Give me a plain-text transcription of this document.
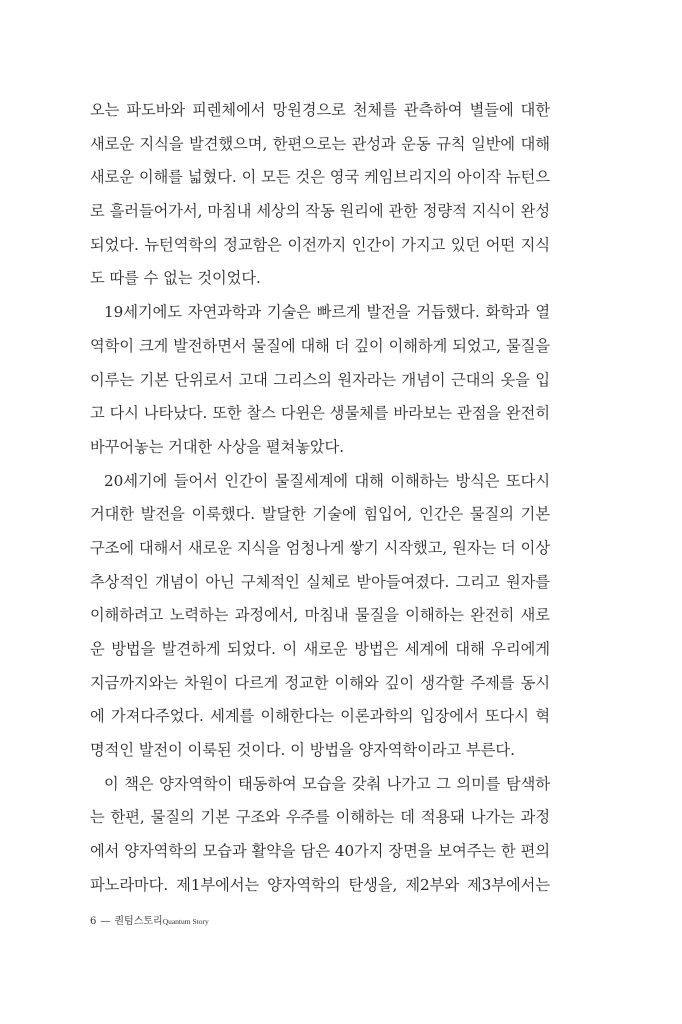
오는 파도바와 피렌체에서 망원경으로 천체를 관측하여 별들에 대한
새로운 지식을 발견했으며, 한편으로는 관성과 운동 규칙 일반에 대해
새로운 이해를 넓혔다. 이 모든 것은 영국 케임브리지의 아이작 뉴턴으
로 흘러들어가서, 마침내 세상의 작동 원리에 관한 정량적 지식이 완성
되었다. 뉴턴역학의 정교함은 이전까지 인간이 가지고 있던 어떤 지식
도 따를 수 없는 것이었다.
19세기에도 자연과학과 기술은 빠르게 발전을 거듭했다. 화학과 열
역학이 크게 발전하면서 물질에 대해 더 깊이 이해하게 되었고, 물질을
이루는 기본 단위로서 고대 그리스의 원자라는 개념이 근대의 옷을 입
고 다시 나타났다. 또한 찰스 다윈은 생물체를 바라보는 관점을 완전히
바꾸어놓는 거대한 사상을 펼쳐놓았다.
20세기에 들어서 인간이 물질세계에 대해 이해하는 방식은 또다시
거대한 발전을 이룩했다. 발달한 기술에 힘입어, 인간은 물질의 기본
구조에 대해서 새로운 지식을 엄청나게 쌓기 시작했고, 원자는 더 이상
추상적인 개념이 아닌 구체적인 실체로 받아들여졌다. 그리고 원자를
이해하려고 노력하는 과정에서, 마침내 물질을 이해하는 완전히 새로
운 방법을 발견하게 되었다. 이 새로운 방법은 세계에 대해 우리에게
지금까지와는 차원이 다르게 정교한 이해와 깊이 생각할 주제를 동시
에 가져다주었다. 세계를 이해한다는 이론과학의 입장에서 또다시 혁
명적인 발전이 이룩된 것이다. 이 방법을 양자역학이라고 부른다.
이 책은 양자역학이 태동하여 모습을 갖춰 나가고 그 의미를 탐색하
는 한편, 물질의 기본 구조와 우주를 이해하는 데 적용돼 나가는 과정
에서 양자역학의 모습과 활약을 담은 40가지 장면을 보여주는 한 편의
파노라마다. 제1부에서는 양자역학의 탄생을, 제2부와 제3부에서는
6 — 퀀텀스토리Quantum Story
